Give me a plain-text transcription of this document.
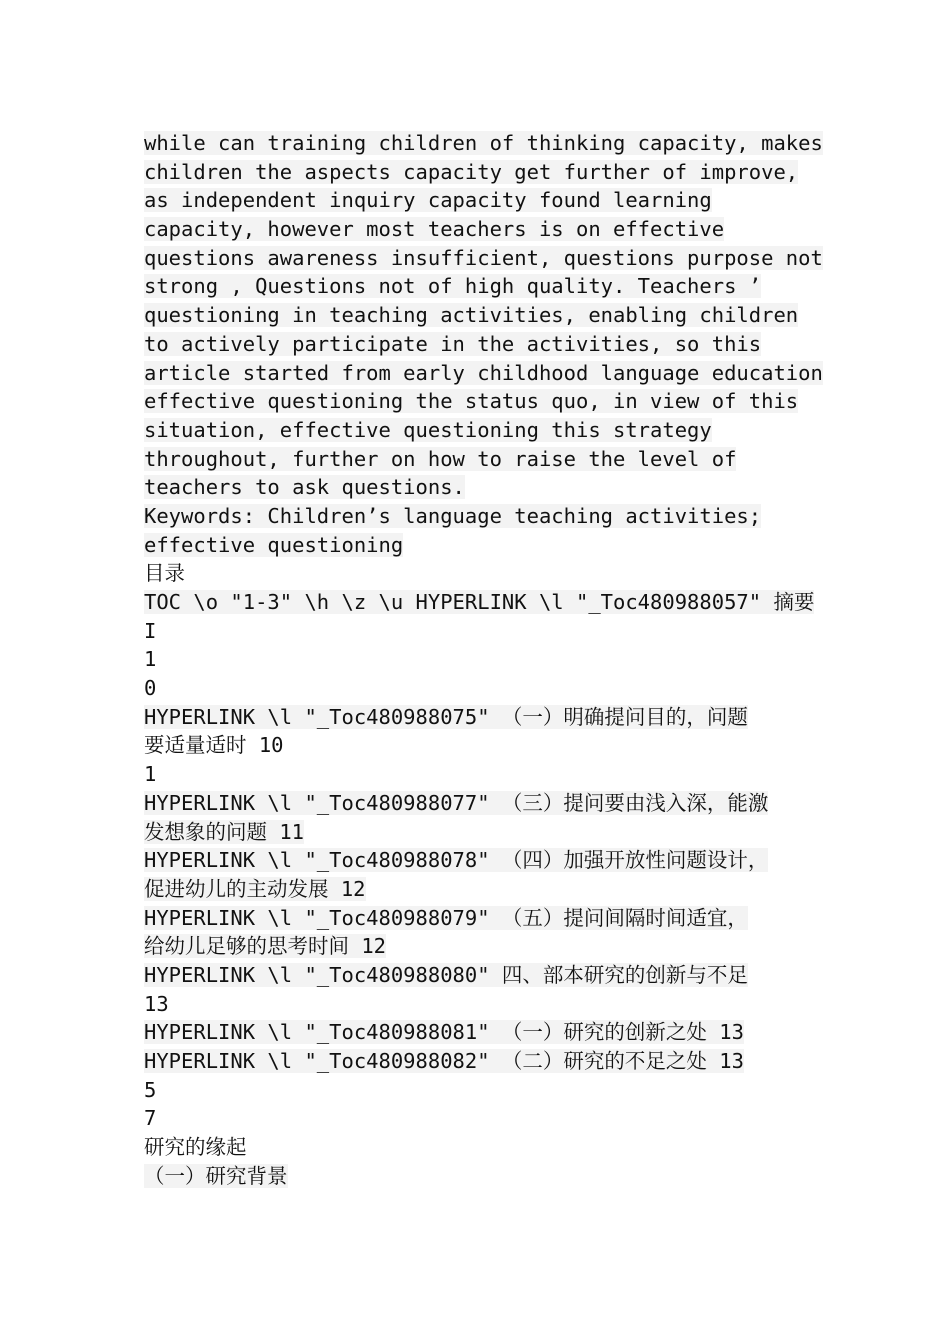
while can training children of thinking capacity, makes
children the aspects capacity get further of improve,
as independent inquiry capacity found learning
capacity, however most teachers is on effective
questions awareness insufficient, questions purpose not
strong , Questions not of high quality. Teachers ’
questioning in teaching activities, enabling children
to actively participate in the activities, so this
article started from early childhood language education
effective questioning the status quo, in view of this
situation, effective questioning this strategy
throughout, further on how to raise the level of
teachers to ask questions.
Keywords: Children’s language teaching activities;
effective questioning
目录
TOC \o "1-3" \h \z \u HYPERLINK \l "_Toc480988057" 摘要
I
1
0
HYPERLINK \l "_Toc480988075" （一）明确提问目的，问题
要适量适时 10
1
HYPERLINK \l "_Toc480988077" （三）提问要由浅入深，能激
发想象的问题 11
HYPERLINK \l "_Toc480988078" （四）加强开放性问题设计，
促进幼儿的主动发展 12
HYPERLINK \l "_Toc480988079" （五）提问间隔时间适宜，
给幼儿足够的思考时间 12
HYPERLINK \l "_Toc480988080" 四、部本研究的创新与不足
13
HYPERLINK \l "_Toc480988081" （一）研究的创新之处 13
HYPERLINK \l "_Toc480988082" （二）研究的不足之处 13
5
7
研究的缘起
（一）研究背景
